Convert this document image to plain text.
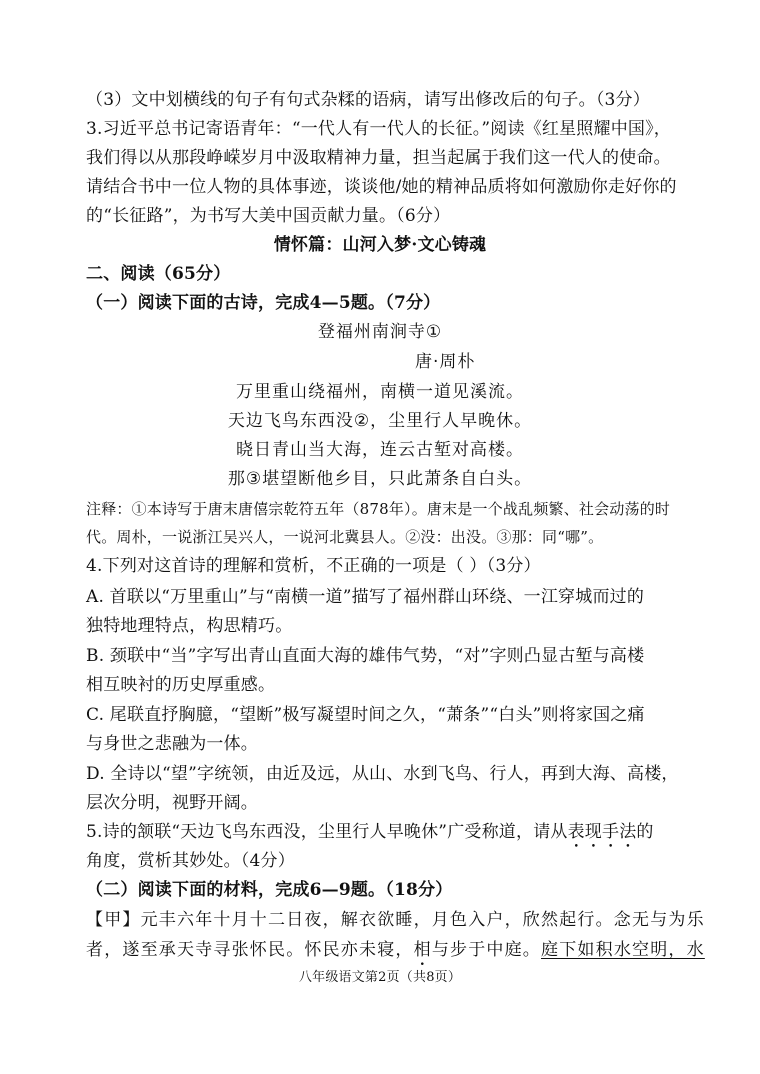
（3）文中划横线的句子有句式杂糅的语病，请写出修改后的句子。（3分）
3.习近平总书记寄语青年：“一代人有一代人的长征。”阅读《红星照耀中国》，
我们得以从那段峥嵘岁月中汲取精神力量，担当起属于我们这一代人的使命。
请结合书中一位人物的具体事迹，谈谈他/她的精神品质将如何激励你走好你的
的“长征路”，为书写大美中国贡献力量。（6分）
情怀篇：山河入梦·文心铸魂
二、阅读（65分）
（一）阅读下面的古诗，完成4—5题。（7分）
登福州南涧寺①
唐·周朴
万里重山绕福州，南横一道见溪流。
天边飞鸟东西没②，尘里行人早晚休。
晓日青山当大海，连云古堑对高楼。
那③堪望断他乡目，只此萧条自白头。
注释：①本诗写于唐末唐僖宗乾符五年（878年）。唐末是一个战乱频繁、社会动荡的时
代。周朴，一说浙江吴兴人，一说河北冀县人。②没：出没。③那：同“哪”。
4.下列对这首诗的理解和赏析，不正确的一项是（ ）（3分）
A. 首联以“万里重山”与“南横一道”描写了福州群山环绕、一江穿城而过的
独特地理特点，构思精巧。
B. 颈联中“当”字写出青山直面大海的雄伟气势，“对”字则凸显古堑与高楼
相互映衬的历史厚重感。
C. 尾联直抒胸臆，“望断”极写凝望时间之久，“萧条”“白头”则将家国之痛
与身世之悲融为一体。
D. 全诗以“望”字统领，由近及远，从山、水到飞鸟、行人，再到大海、高楼，
层次分明，视野开阔。
5.诗的颔联“天边飞鸟东西没，尘里行人早晚休”广受称道，请从表现手法的
角度，赏析其妙处。（4分）
（二）阅读下面的材料，完成6—9题。（18分）
【甲】元丰六年十月十二日夜，解衣欲睡，月色入户，欣然起行。念无与为乐
者，遂至承天寺寻张怀民。怀民亦未寝，相与步于中庭。庭下如积水空明，水
八年级语文第2页（共8页）
